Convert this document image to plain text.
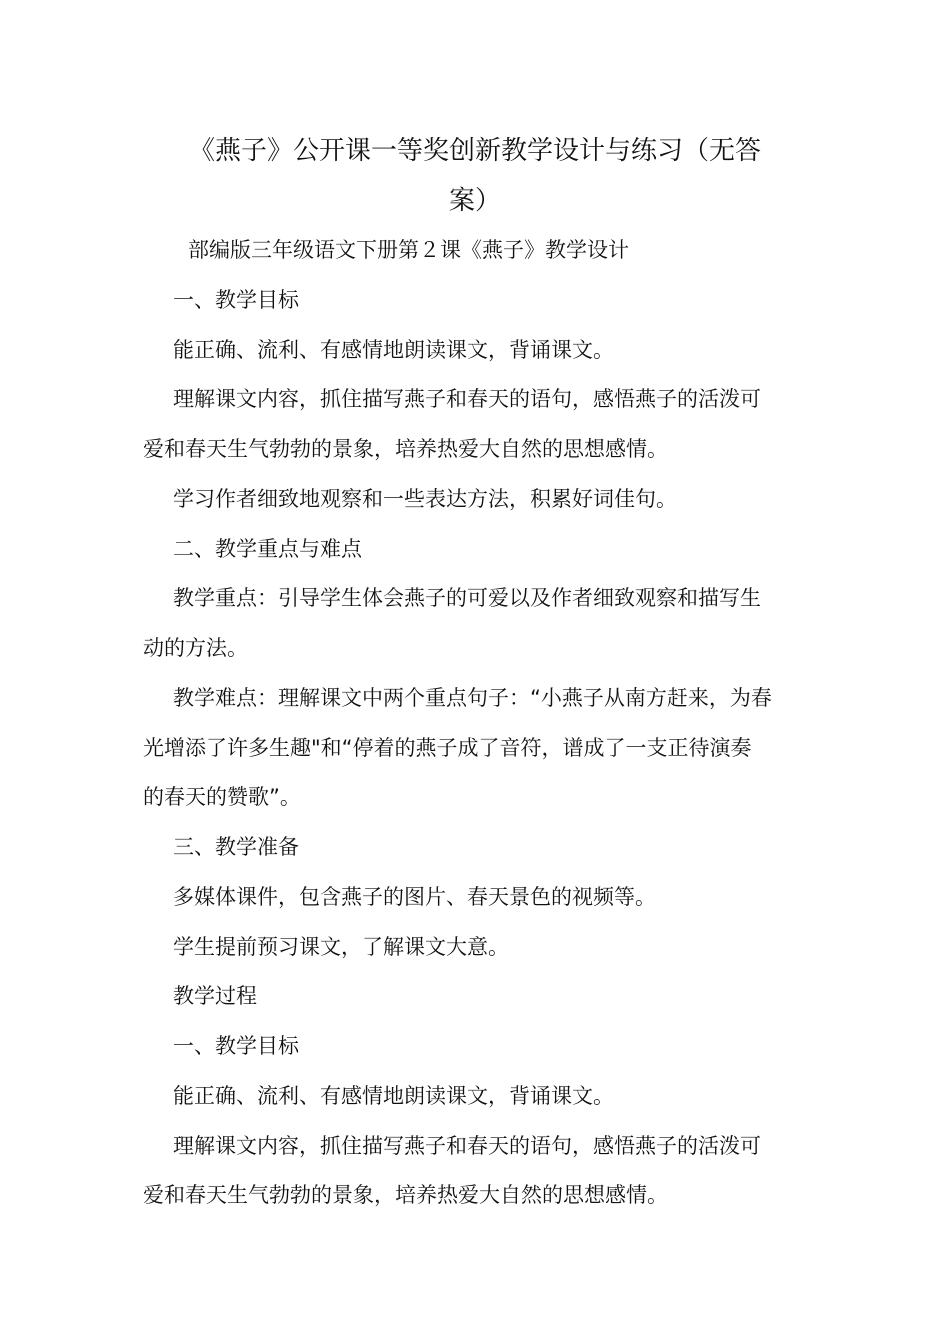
《燕子》公开课一等奖创新教学设计与练习（无答
案）

部编版三年级语文下册第２课《燕子》教学设计

一、教学目标

能正确、流利、有感情地朗读课文，背诵课文。

理解课文内容，抓住描写燕子和春天的语句，感悟燕子的活泼可

爱和春天生气勃勃的景象，培养热爱大自然的思想感情。

学习作者细致地观察和一些表达方法，积累好词佳句。

二、教学重点与难点

教学重点：引导学生体会燕子的可爱以及作者细致观察和描写生

动的方法。

教学难点：理解课文中两个重点句子：“小燕子从南方赶来，为春

光增添了许多生趣"和“停着的燕子成了音符，谱成了一支正待演奏

的春天的赞歌”。

三、教学准备

多媒体课件，包含燕子的图片、春天景色的视频等。

学生提前预习课文，了解课文大意。

教学过程

一、教学目标

能正确、流利、有感情地朗读课文，背诵课文。

理解课文内容，抓住描写燕子和春天的语句，感悟燕子的活泼可

爱和春天生气勃勃的景象，培养热爱大自然的思想感情。
